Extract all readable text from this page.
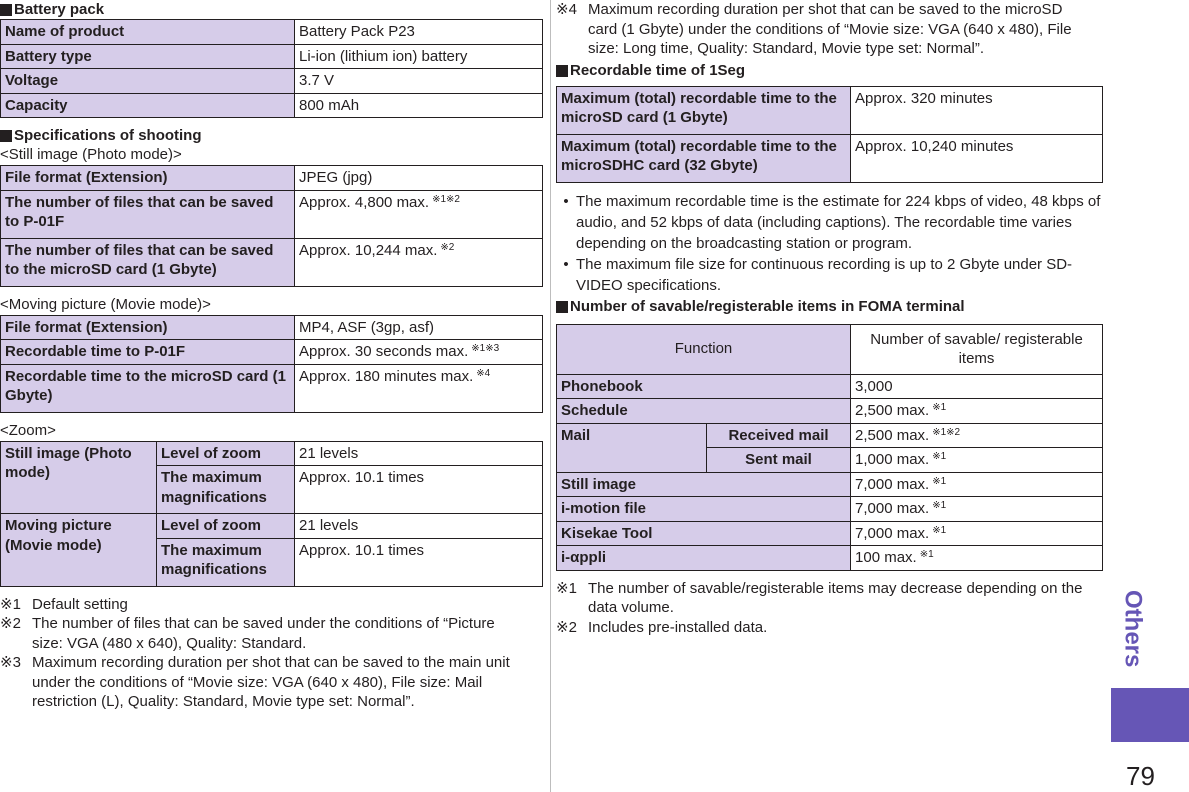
Battery pack
Name of product	Battery Pack P23
Battery type	Li-ion (lithium ion) battery
Voltage	3.7 V
Capacity	800 mAh
Specifications of shooting
<Still image (Photo mode)>
File format (Extension)	JPEG (jpg)
The number of files that can be saved to P-01F	Approx. 4,800 max. $^{※1※2}$
The number of files that can be saved to the microSD card (1 Gbyte)	Approx. 10,244 max. $^{※2}$
<Moving picture (Movie mode)>
File format (Extension)	MP4, ASF (3gp, asf)
Recordable time to P-01F	Approx. 30 seconds max. $^{※1※3}$
Recordable time to the microSD card (1 Gbyte)	Approx. 180 minutes max. $^{※4}$
<Zoom>
Still image (Photo mode)	Level of zoom	21 levels
	The maximum magnifications	Approx. 10.1 times
Moving picture (Movie mode)	Level of zoom	21 levels
	The maximum magnifications	Approx. 10.1 times
※1 Default setting
※2 The number of files that can be saved under the conditions of “Picture size: VGA (480 x 640), Quality: Standard.
※3 Maximum recording duration per shot that can be saved to the main unit under the conditions of “Movie size: VGA (640 x 480), File size: Mail restriction (L), Quality: Standard, Movie type set: Normal”.
※4 Maximum recording duration per shot that can be saved to the microSD card (1 Gbyte) under the conditions of “Movie size: VGA (640 x 480), File size: Long time, Quality: Standard, Movie type set: Normal”.
Recordable time of 1Seg
Maximum (total) recordable time to the microSD card (1 Gbyte)	Approx. 320 minutes
Maximum (total) recordable time to the microSDHC card (32 Gbyte)	Approx. 10,240 minutes
• The maximum recordable time is the estimate for 224 kbps of video, 48 kbps of audio, and 52 kbps of data (including captions). The recordable time varies depending on the broadcasting station or program.
• The maximum file size for continuous recording is up to 2 Gbyte under SD-VIDEO specifications.
Number of savable/registerable items in FOMA terminal
Function		Number of savable/ registerable items
Phonebook		3,000
Schedule		2,500 max. $^{※1}$
Mail	Received mail	2,500 max. $^{※1※2}$
	Sent mail	1,000 max. $^{※1}$
Still image		7,000 max. $^{※1}$
i-motion file		7,000 max. $^{※1}$
Kisekae Tool		7,000 max. $^{※1}$
i-αppli		100 max. $^{※1}$
※1 The number of savable/registerable items may decrease depending on the data volume.
※2 Includes pre-installed data.	Others
79
